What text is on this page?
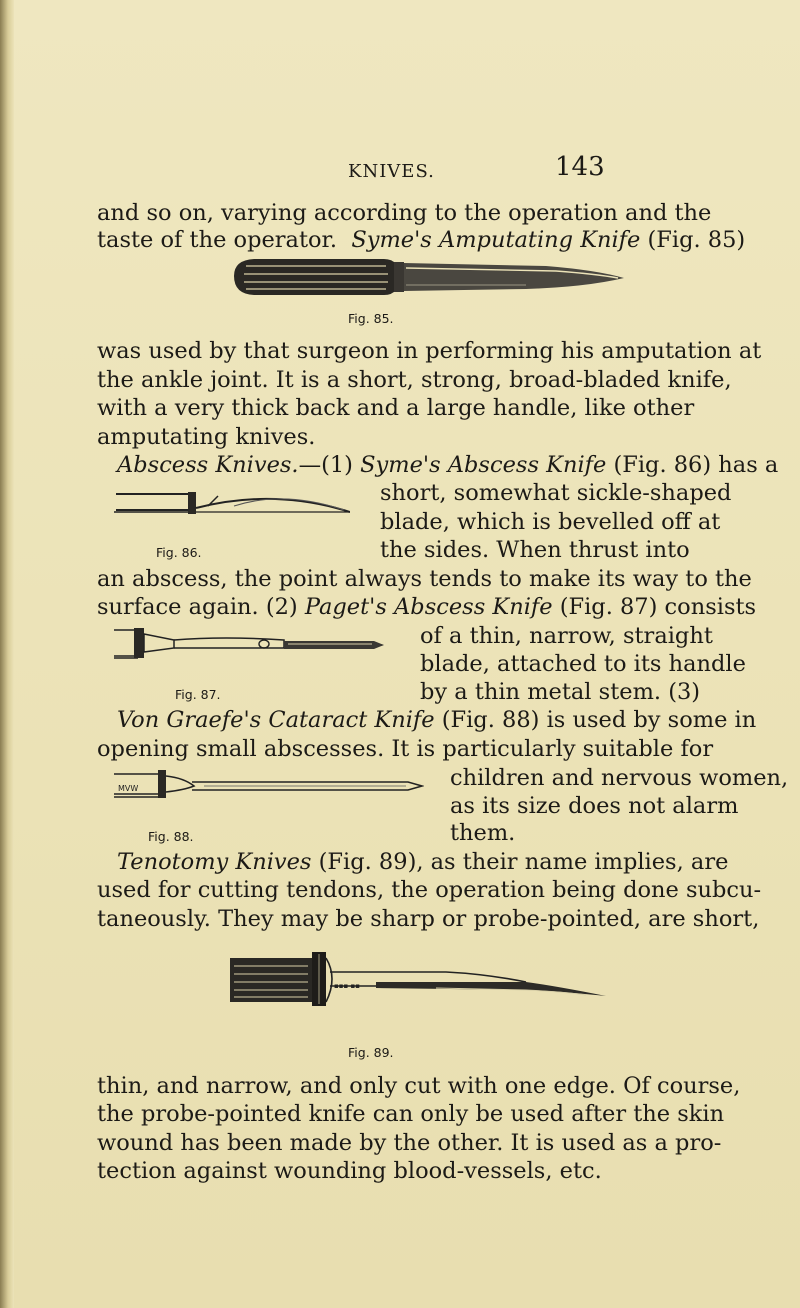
KNIVES.	143
and so on, varying according to the operation and the
taste of the operator. Syme's Amputating Knife (Fig. 85)
Fig. 85.
was used by that surgeon in performing his amputation at
the ankle joint. It is a short, strong, broad-bladed knife,
with a very thick back and a large handle, like other
amputating knives.
Abscess Knives.—(1) Syme's Abscess Knife (Fig. 86) has a
short, somewhat sickle-shaped
blade, which is bevelled off at
Fig. 86.	the sides. When thrust into
an abscess, the point always tends to make its way to the
surface again. (2) Paget's Abscess Knife (Fig. 87) consists
of a thin, narrow, straight
blade, attached to its handle
Fig. 87.	by a thin metal stem. (3)
Von Graefe's Cataract Knife (Fig. 88) is used by some in
opening small abscesses. It is particularly suitable for
MVW	children and nervous women,
as its size does not alarm
Fig. 88.	them.
Tenotomy Knives (Fig. 89), as their name implies, are
used for cutting tendons, the operation being done subcu-
taneously. They may be sharp or probe-pointed, are short,
▪▪▪ ▪▪
Fig. 89.
thin, and narrow, and only cut with one edge. Of course,
the probe-pointed knife can only be used after the skin
wound has been made by the other. It is used as a pro-
tection against wounding blood-vessels, etc.
